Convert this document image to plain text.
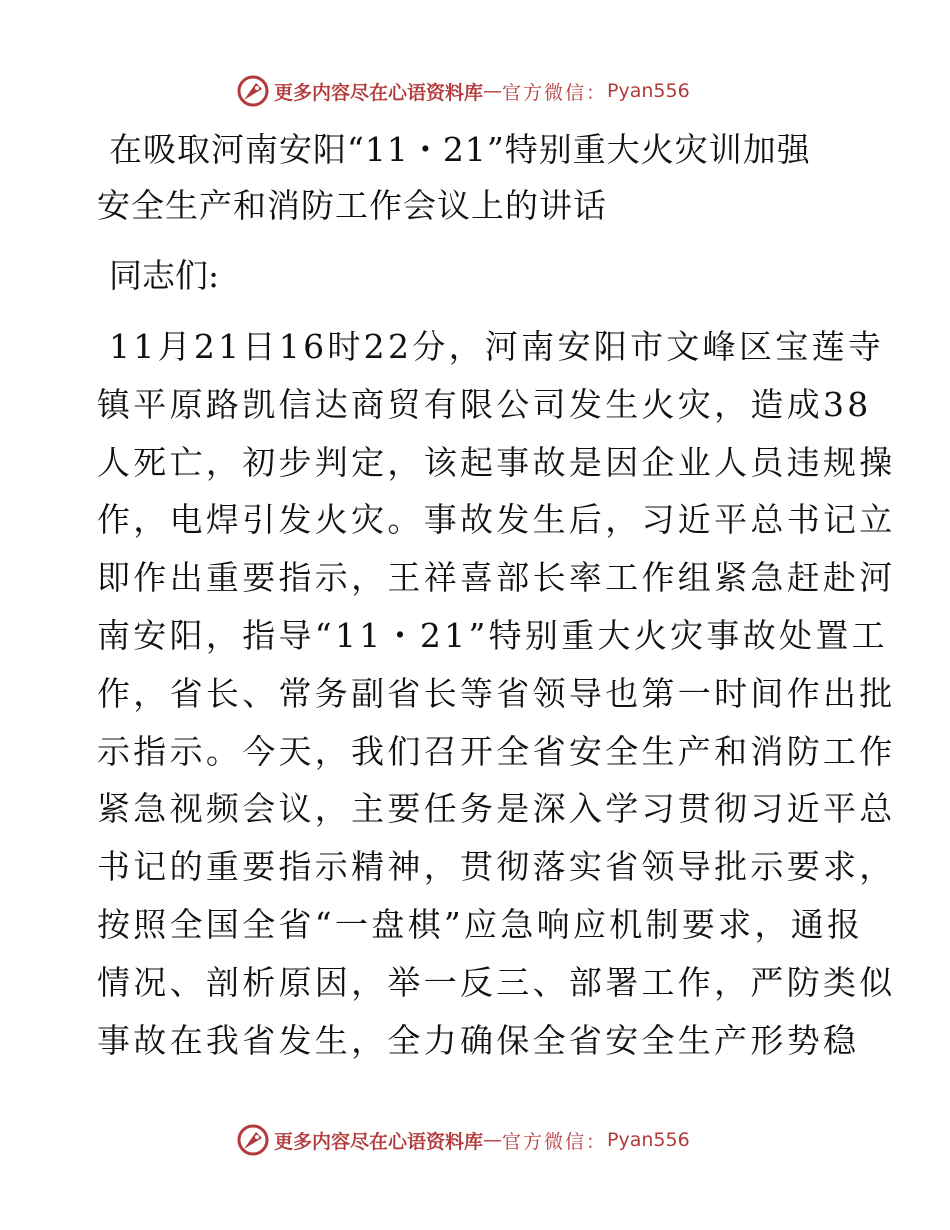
更多内容尽在心语资料库 — 官方微信： Pyan556
在吸取河南安阳“11・21”特别重大火灾训加强
安全生产和消防工作会议上的讲话
同志们:
11月21日16时22分，河南安阳市文峰区宝莲寺
镇平原路凯信达商贸有限公司发生火灾，造成38
人死亡，初步判定，该起事故是因企业人员违规操
作，电焊引发火灾。事故发生后，习近平总书记立
即作出重要指示，王祥喜部长率工作组紧急赶赴河
南安阳，指导“11・21”特别重大火灾事故处置工
作，省长、常务副省长等省领导也第一时间作出批
示指示。今天，我们召开全省安全生产和消防工作
紧急视频会议，主要任务是深入学习贯彻习近平总
书记的重要指示精神，贯彻落实省领导批示要求，
按照全国全省“一盘棋”应急响应机制要求，通报
情况、剖析原因，举一反三、部署工作，严防类似
事故在我省发生，全力确保全省安全生产形势稳
更多内容尽在心语资料库 — 官方微信： Pyan556
